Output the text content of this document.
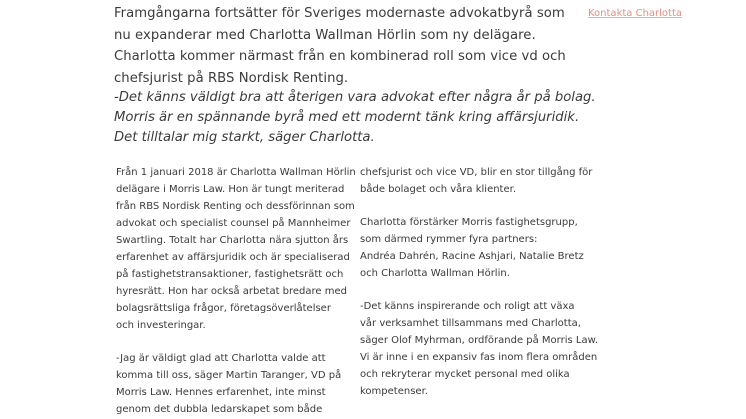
Framgångarna fortsätter för Sveriges modernaste advokatbyrå som
nu expanderar med Charlotta Wallman Hörlin som ny delägare.
Charlotta kommer närmast från en kombinerad roll som vice vd och
chefsjurist på RBS Nordisk Renting.
Kontakta Charlotta
-Det känns väldigt bra att återigen vara advokat efter några år på bolag.
Morris är en spännande byrå med ett modernt tänk kring affärsjuridik.
Det tilltalar mig starkt, säger Charlotta.
Från 1 januari 2018 är Charlotta Wallman Hörlin
delägare i Morris Law. Hon är tungt meriterad
från RBS Nordisk Renting och dessförinnan som
advokat och specialist counsel på Mannheimer
Swartling. Totalt har Charlotta nära sjutton års
erfarenhet av affärsjuridik och är specialiserad
på fastighetstransaktioner, fastighetsrätt och
hyresrätt. Hon har också arbetat bredare med
bolagsrättsliga frågor, företagsöverlåtelser
och investeringar.
-Jag är väldigt glad att Charlotta valde att
komma till oss, säger Martin Taranger, VD på
Morris Law. Hennes erfarenhet, inte minst
genom det dubbla ledarskapet som både
chefsjurist och vice VD, blir en stor tillgång för
både bolaget och våra klienter.
Charlotta förstärker Morris fastighetsgrupp,
som därmed rymmer fyra partners:
Andréa Dahrén, Racine Ashjari, Natalie Bretz
och Charlotta Wallman Hörlin.
-Det känns inspirerande och roligt att växa
vår verksamhet tillsammans med Charlotta,
säger Olof Myhrman, ordförande på Morris Law.
Vi är inne i en expansiv fas inom flera områden
och rekryterar mycket personal med olika
kompetenser.
